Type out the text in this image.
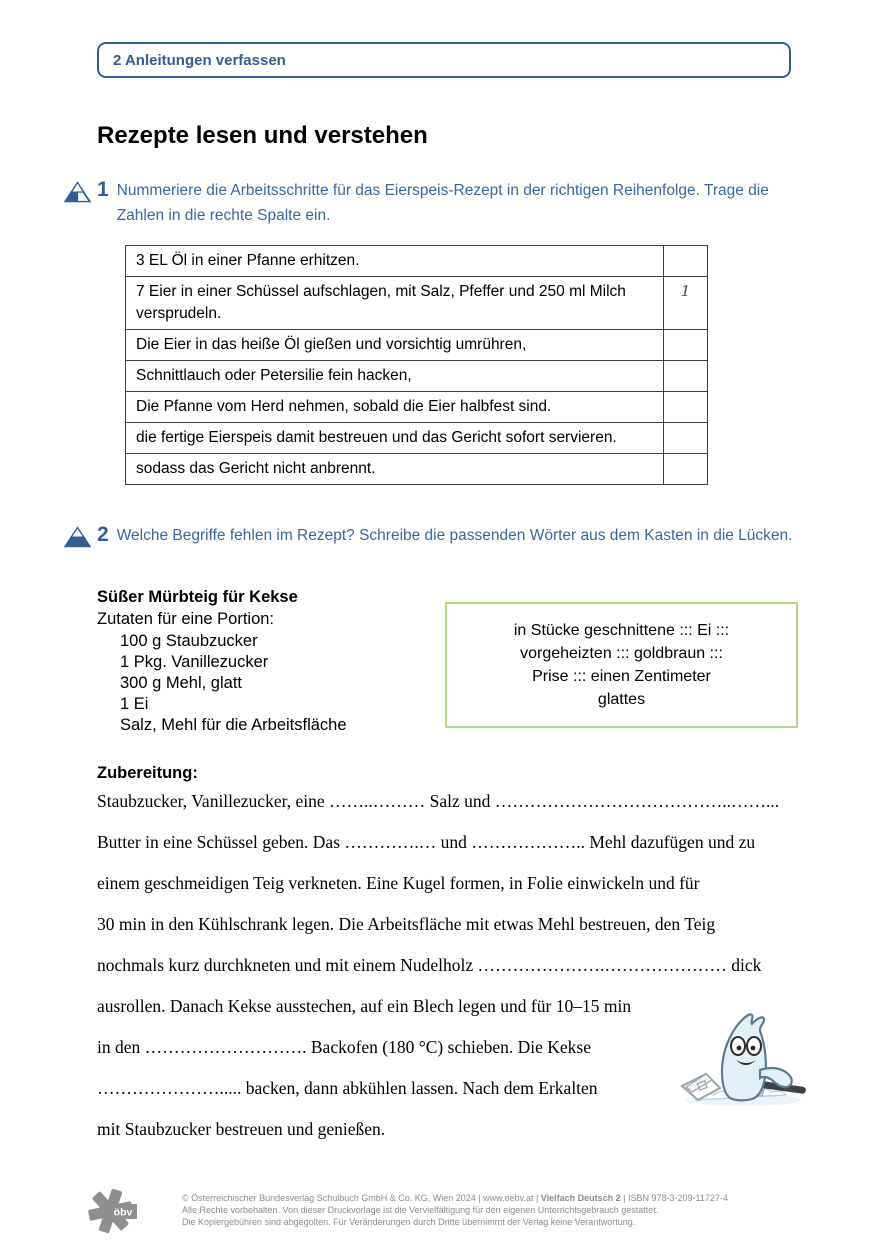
2 Anleitungen verfassen
Rezepte lesen und verstehen
1 Nummeriere die Arbeitsschritte für das Eierspeis-Rezept in der richtigen Reihenfolge. Trage die Zahlen in die rechte Spalte ein.
3 EL Öl in einer Pfanne erhitzen.
7 Eier in einer Schüssel aufschlagen, mit Salz, Pfeffer und 250 ml Milch versprudeln.
1
Die Eier in das heiße Öl gießen und vorsichtig umrühren,
Schnittlauch oder Petersilie fein hacken,
Die Pfanne vom Herd nehmen, sobald die Eier halbfest sind.
die fertige Eierspeis damit bestreuen und das Gericht sofort servieren.
sodass das Gericht nicht anbrennt.
2 Welche Begriffe fehlen im Rezept? Schreibe die passenden Wörter aus dem Kasten in die Lücken.
Süßer Mürbteig für Kekse
Zutaten für eine Portion:
100 g Staubzucker
1 Pkg. Vanillezucker
300 g Mehl, glatt
1 Ei
Salz, Mehl für die Arbeitsfläche
in Stücke geschnittene ::: Ei :::
vorgeheizten ::: goldbraun :::
Prise ::: einen Zentimeter
glattes
Zubereitung:
Staubzucker, Vanillezucker, eine ……..……… Salz und …………………………………..……...
Butter in eine Schüssel geben. Das ………….… und ……………….. Mehl dazufügen und zu
einem geschmeidigen Teig verkneten. Eine Kugel formen, in Folie einwickeln und für
30 min in den Kühlschrank legen. Die Arbeitsfläche mit etwas Mehl bestreuen, den Teig
nochmals kurz durchkneten und mit einem Nudelholz ………………….………………… dick
ausrollen. Danach Kekse ausstechen, auf ein Blech legen und für 10–15 min
in den ………………………. Backofen (180 °C) schieben. Die Kekse
…………………..... backen, dann abkühlen lassen. Nach dem Erkalten
mit Staubzucker bestreuen und genießen.
öbv
© Österreichischer Bundesverlag Schulbuch GmbH & Co. KG, Wien 2024 | www.oebv.at | Vielfach Deutsch 2 | ISBN 978-3-209-11727-4
Alle Rechte vorbehalten. Von dieser Druckvorlage ist die Vervielfältigung für den eigenen Unterrichtsgebrauch gestattet.
Die Kopiergebühren sind abgegolten. Für Veränderungen durch Dritte übernimmt der Verlag keine Verantwortung.
